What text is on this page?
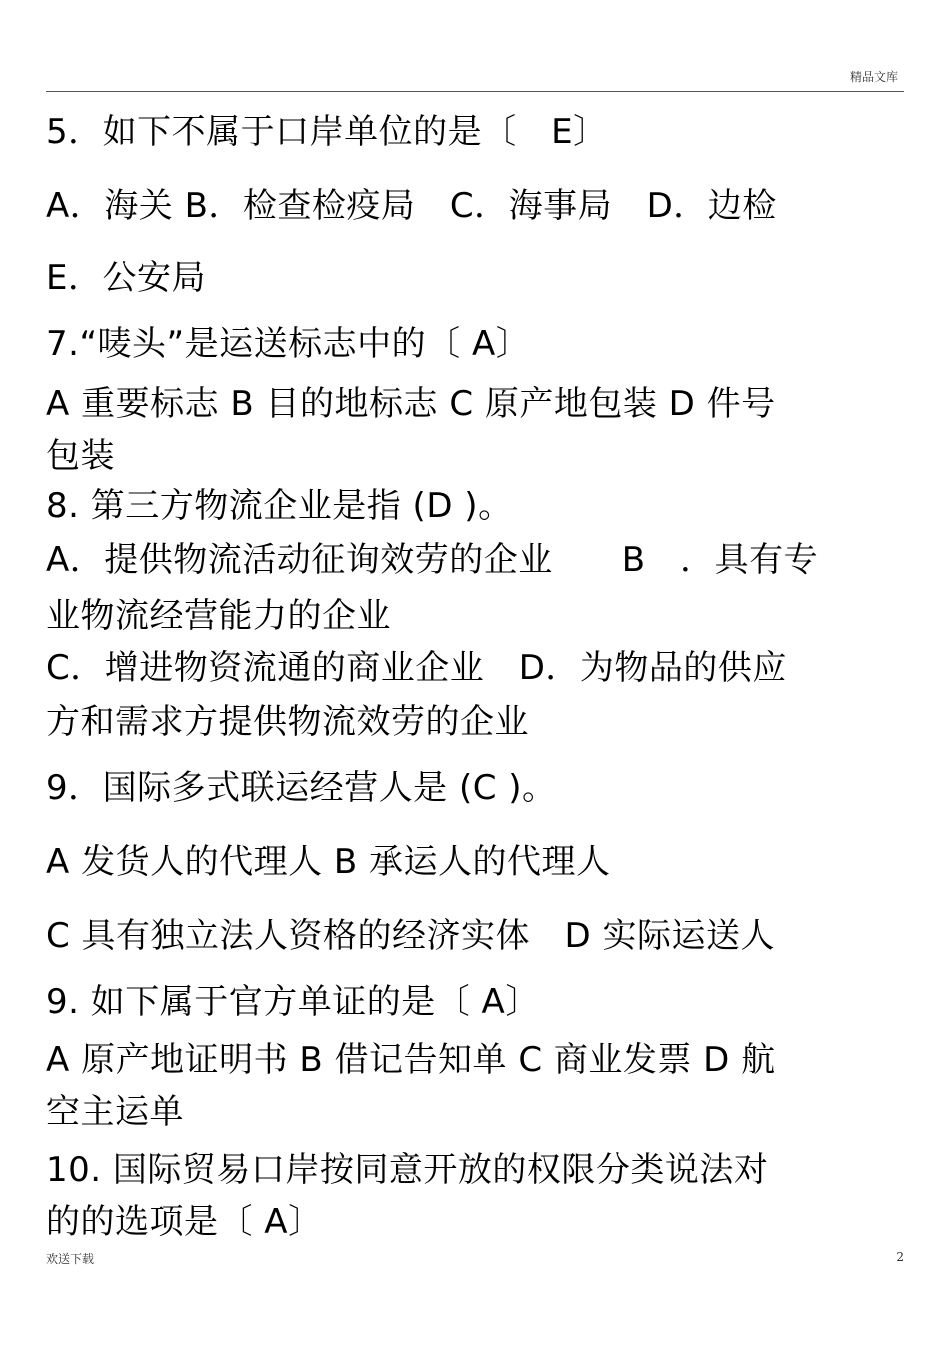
精品文库
5．如下不属于口岸单位的是〔　E〕
A．海关 B．检查检疫局　C．海事局　D．边检
E．公安局
7.“唛头”是运送标志中的〔 A〕
A 重要标志 B 目的地标志 C 原产地包装 D 件号
包装
8. 第三方物流企业是指 (D )。
A．提供物流活动征询效劳的企业　　B　．具有专
业物流经营能力的企业
C．增进物资流通的商业企业　D．为物品的供应
方和需求方提供物流效劳的企业
9．国际多式联运经营人是 (C )。
A 发货人的代理人 B 承运人的代理人
C 具有独立法人资格的经济实体　D 实际运送人
9. 如下属于官方单证的是〔 A〕
A 原产地证明书 B 借记告知单 C 商业发票 D 航
空主运单
10. 国际贸易口岸按同意开放的权限分类说法对
的的选项是〔 A〕
欢送下载	2
